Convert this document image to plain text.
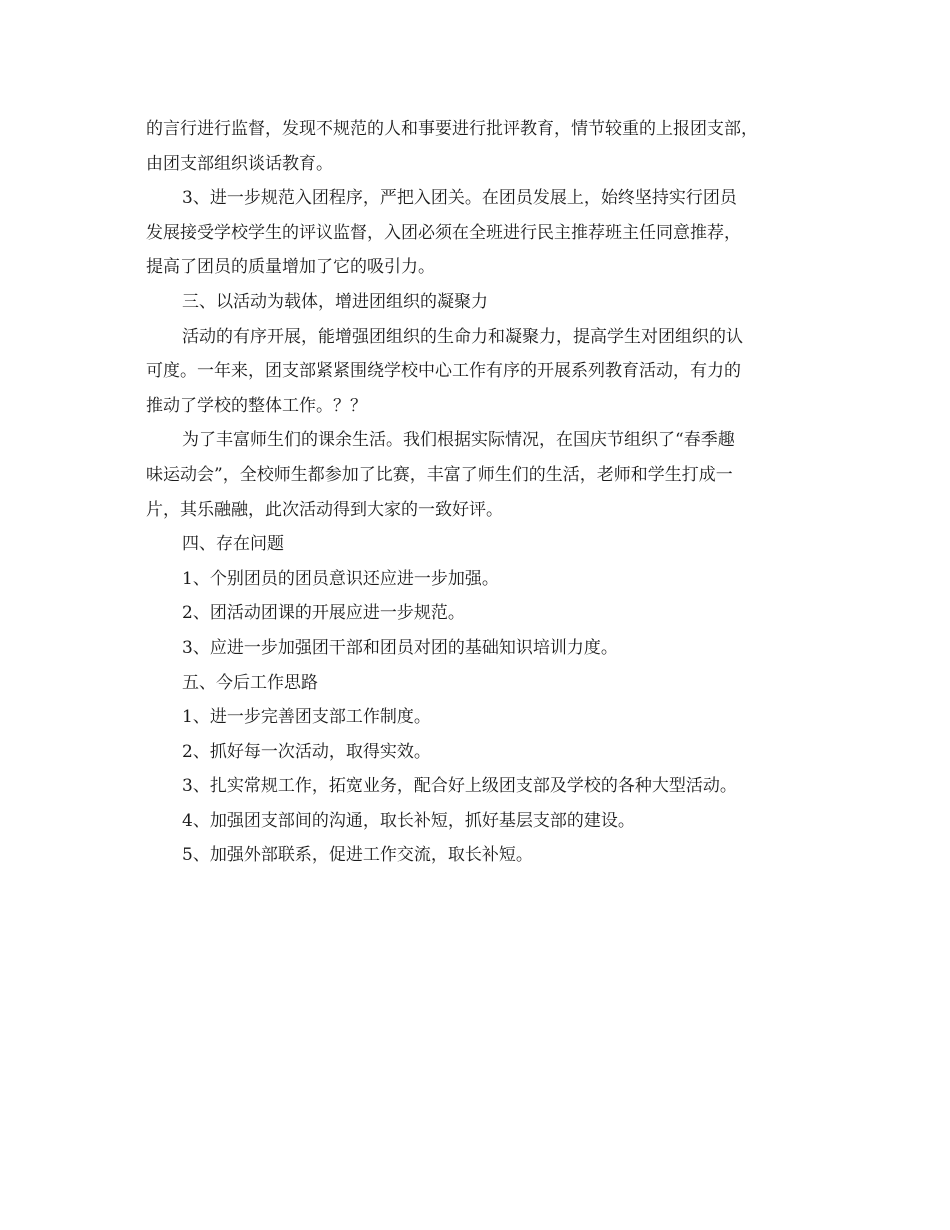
的言行进行监督，发现不规范的人和事要进行批评教育，情节较重的上报团支部，
由团支部组织谈话教育。
3、进一步规范入团程序，严把入团关。在团员发展上，始终坚持实行团员
发展接受学校学生的评议监督，入团必须在全班进行民主推荐班主任同意推荐，
提高了团员的质量增加了它的吸引力。
三、以活动为载体，增进团组织的凝聚力
活动的有序开展，能增强团组织的生命力和凝聚力，提高学生对团组织的认
可度。一年来，团支部紧紧围绕学校中心工作有序的开展系列教育活动，有力的
推动了学校的整体工作。？？
为了丰富师生们的课余生活。我们根据实际情况，在国庆节组织了“春季趣
味运动会”，全校师生都参加了比赛，丰富了师生们的生活，老师和学生打成一
片，其乐融融，此次活动得到大家的一致好评。
四、存在问题
1、个别团员的团员意识还应进一步加强。
2、团活动团课的开展应进一步规范。
3、应进一步加强团干部和团员对团的基础知识培训力度。
五、今后工作思路
1、进一步完善团支部工作制度。
2、抓好每一次活动，取得实效。
3、扎实常规工作，拓宽业务，配合好上级团支部及学校的各种大型活动。
4、加强团支部间的沟通，取长补短，抓好基层支部的建设。
5、加强外部联系，促进工作交流，取长补短。
